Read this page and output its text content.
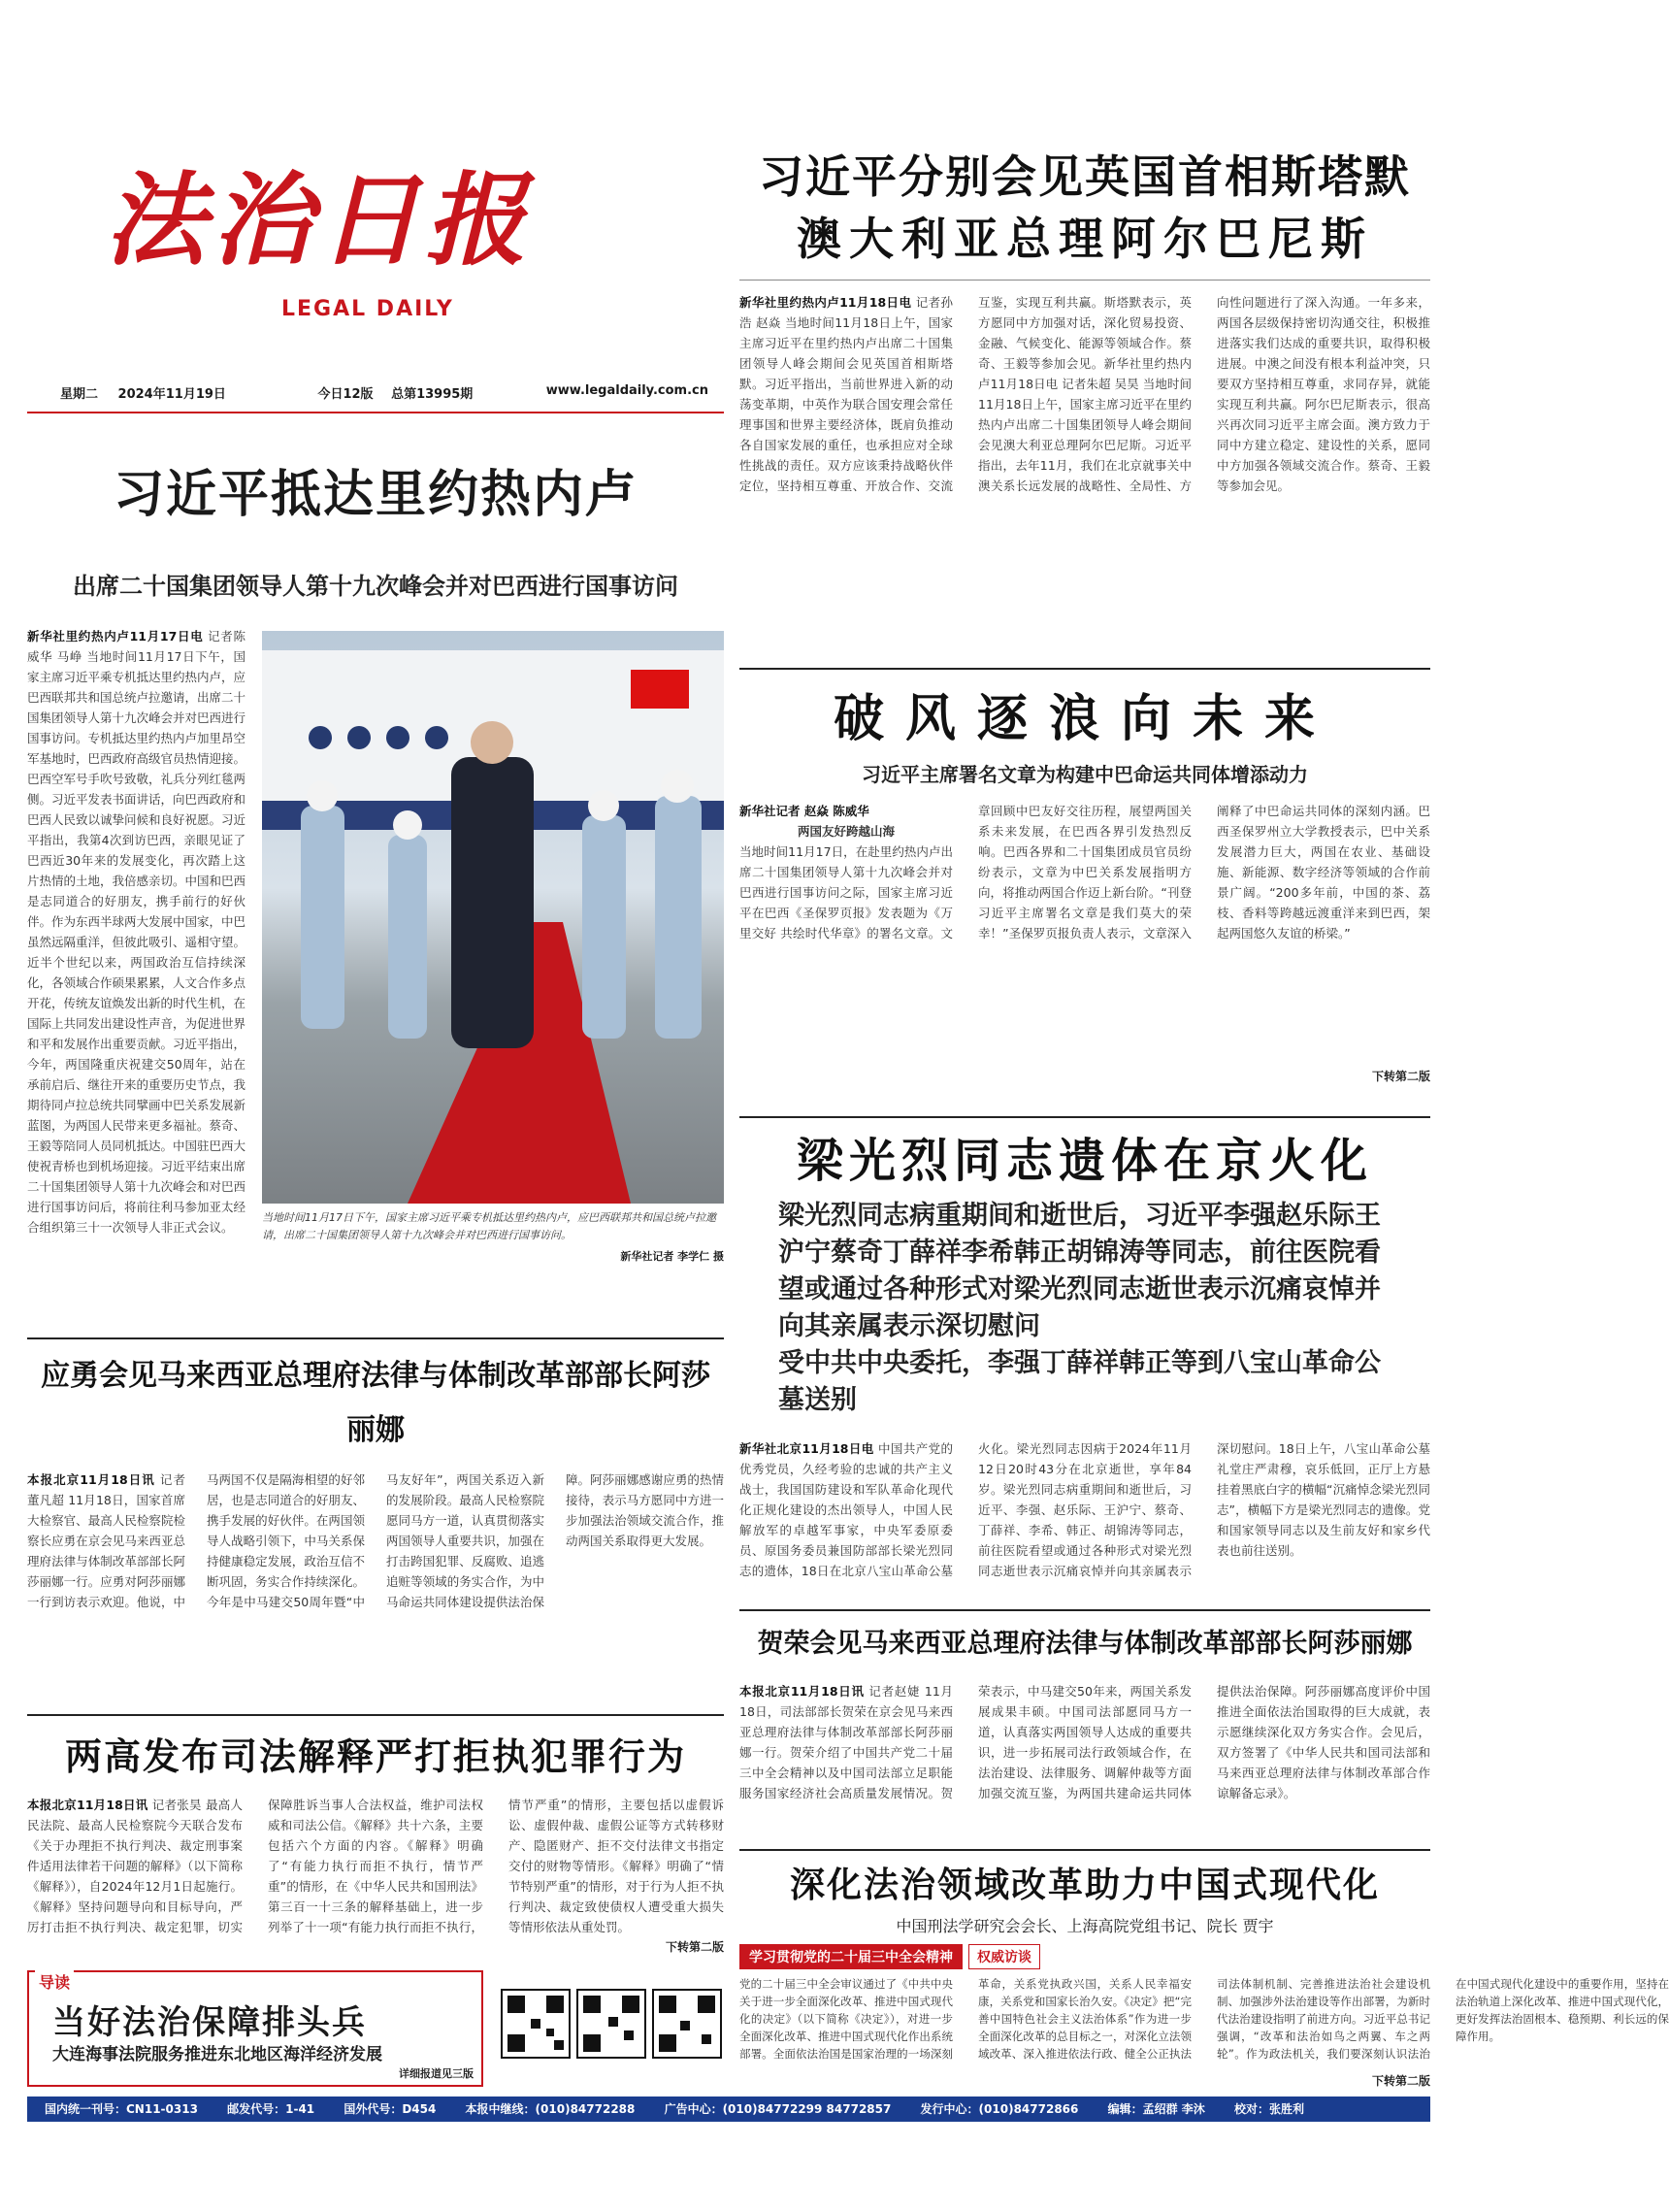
法治日报
LEGAL DAILY
星期二 2024年11月19日	今日12版 总第13995期	www.legaldaily.com.cn
习近平分别会见英国首相斯塔默
澳大利亚总理阿尔巴尼斯
新华社里约热内卢11月18日电 记者孙浩 赵焱 当地时间11月18日上午，国家主席习近平在里约热内卢出席二十国集团领导人峰会期间会见英国首相斯塔默。习近平指出，当前世界进入新的动荡变革期，中英作为联合国安理会常任理事国和世界主要经济体，既肩负推动各自国家发展的重任，也承担应对全球性挑战的责任。双方应该秉持战略伙伴定位，坚持相互尊重、开放合作、交流互鉴，实现互利共赢。斯塔默表示，英方愿同中方加强对话，深化贸易投资、金融、气候变化、能源等领域合作。蔡奇、王毅等参加会见。新华社里约热内卢11月18日电 记者朱超 吴昊 当地时间11月18日上午，国家主席习近平在里约热内卢出席二十国集团领导人峰会期间会见澳大利亚总理阿尔巴尼斯。习近平指出，去年11月，我们在北京就事关中澳关系长远发展的战略性、全局性、方向性问题进行了深入沟通。一年多来，两国各层级保持密切沟通交往，积极推进落实我们达成的重要共识，取得积极进展。中澳之间没有根本利益冲突，只要双方坚持相互尊重，求同存异，就能实现互利共赢。阿尔巴尼斯表示，很高兴再次同习近平主席会面。澳方致力于同中方建立稳定、建设性的关系，愿同中方加强各领域交流合作。蔡奇、王毅等参加会见。
习近平抵达里约热内卢
出席二十国集团领导人第十九次峰会并对巴西进行国事访问
新华社里约热内卢11月17日电 记者陈威华 马峥 当地时间11月17日下午，国家主席习近平乘专机抵达里约热内卢，应巴西联邦共和国总统卢拉邀请，出席二十国集团领导人第十九次峰会并对巴西进行国事访问。专机抵达里约热内卢加里昂空军基地时，巴西政府高级官员热情迎接。巴西空军号手吹号致敬，礼兵分列红毯两侧。习近平发表书面讲话，向巴西政府和巴西人民致以诚挚问候和良好祝愿。习近平指出，我第4次到访巴西，亲眼见证了巴西近30年来的发展变化，再次踏上这片热情的土地，我倍感亲切。中国和巴西是志同道合的好朋友，携手前行的好伙伴。作为东西半球两大发展中国家，中巴虽然远隔重洋，但彼此吸引、遥相守望。近半个世纪以来，两国政治互信持续深化，各领域合作硕果累累，人文合作多点开花，传统友谊焕发出新的时代生机，在国际上共同发出建设性声音，为促进世界和平和发展作出重要贡献。习近平指出，今年，两国隆重庆祝建交50周年，站在承前启后、继往开来的重要历史节点，我期待同卢拉总统共同擘画中巴关系发展新蓝图，为两国人民带来更多福祉。蔡奇、王毅等陪同人员同机抵达。中国驻巴西大使祝青桥也到机场迎接。习近平结束出席二十国集团领导人第十九次峰会和对巴西进行国事访问后，将前往利马参加亚太经合组织第三十一次领导人非正式会议。
当地时间11月17日下午，国家主席习近平乘专机抵达里约热内卢，应巴西联邦共和国总统卢拉邀请，出席二十国集团领导人第十九次峰会并对巴西进行国事访问。
新华社记者 李学仁 摄
破风逐浪向未来
习近平主席署名文章为构建中巴命运共同体增添动力
新华社记者 赵焱 陈威华
两国友好跨越山海
当地时间11月17日，在赴里约热内卢出席二十国集团领导人第十九次峰会并对巴西进行国事访问之际，国家主席习近平在巴西《圣保罗页报》发表题为《万里交好 共绘时代华章》的署名文章。文章回顾中巴友好交往历程，展望两国关系未来发展，在巴西各界引发热烈反响。巴西各界和二十国集团成员官员纷纷表示，文章为中巴关系发展指明方向，将推动两国合作迈上新台阶。“刊登习近平主席署名文章是我们莫大的荣幸！”圣保罗页报负责人表示，文章深入阐释了中巴命运共同体的深刻内涵。巴西圣保罗州立大学教授表示，巴中关系发展潜力巨大，两国在农业、基础设施、新能源、数字经济等领域的合作前景广阔。“200多年前，中国的茶、荔枝、香料等跨越远渡重洋来到巴西，架起两国悠久友谊的桥梁。”
下转第二版
梁光烈同志遗体在京火化
梁光烈同志病重期间和逝世后，习近平李强赵乐际王沪宁蔡奇丁薛祥李希韩正胡锦涛等同志，前往医院看望或通过各种形式对梁光烈同志逝世表示沉痛哀悼并向其亲属表示深切慰问
受中共中央委托，李强丁薛祥韩正等到八宝山革命公墓送别
新华社北京11月18日电 中国共产党的优秀党员，久经考验的忠诚的共产主义战士，我国国防建设和军队革命化现代化正规化建设的杰出领导人，中国人民解放军的卓越军事家，中央军委原委员、原国务委员兼国防部部长梁光烈同志的遗体，18日在北京八宝山革命公墓火化。梁光烈同志因病于2024年11月12日20时43分在北京逝世，享年84岁。梁光烈同志病重期间和逝世后，习近平、李强、赵乐际、王沪宁、蔡奇、丁薛祥、李希、韩正、胡锦涛等同志，前往医院看望或通过各种形式对梁光烈同志逝世表示沉痛哀悼并向其亲属表示深切慰问。18日上午，八宝山革命公墓礼堂庄严肃穆，哀乐低回，正厅上方悬挂着黑底白字的横幅“沉痛悼念梁光烈同志”，横幅下方是梁光烈同志的遗像。党和国家领导同志以及生前友好和家乡代表也前往送别。
应勇会见马来西亚总理府法律与体制改革部部长阿莎丽娜
本报北京11月18日讯 记者董凡超 11月18日，国家首席大检察官、最高人民检察院检察长应勇在京会见马来西亚总理府法律与体制改革部部长阿莎丽娜一行。应勇对阿莎丽娜一行到访表示欢迎。他说，中马两国不仅是隔海相望的好邻居，也是志同道合的好朋友、携手发展的好伙伴。在两国领导人战略引领下，中马关系保持健康稳定发展，政治互信不断巩固，务实合作持续深化。今年是中马建交50周年暨“中马友好年”，两国关系迈入新的发展阶段。最高人民检察院愿同马方一道，认真贯彻落实两国领导人重要共识，加强在打击跨国犯罪、反腐败、追逃追赃等领域的务实合作，为中马命运共同体建设提供法治保障。阿莎丽娜感谢应勇的热情接待，表示马方愿同中方进一步加强法治领域交流合作，推动两国关系取得更大发展。
贺荣会见马来西亚总理府法律与体制改革部部长阿莎丽娜
本报北京11月18日讯 记者赵婕 11月18日，司法部部长贺荣在京会见马来西亚总理府法律与体制改革部部长阿莎丽娜一行。贺荣介绍了中国共产党二十届三中全会精神以及中国司法部立足职能服务国家经济社会高质量发展情况。贺荣表示，中马建交50年来，两国关系发展成果丰硕。中国司法部愿同马方一道，认真落实两国领导人达成的重要共识，进一步拓展司法行政领域合作，在法治建设、法律服务、调解仲裁等方面加强交流互鉴，为两国共建命运共同体提供法治保障。阿莎丽娜高度评价中国推进全面依法治国取得的巨大成就，表示愿继续深化双方务实合作。会见后，双方签署了《中华人民共和国司法部和马来西亚总理府法律与体制改革部合作谅解备忘录》。
两高发布司法解释严打拒执犯罪行为
本报北京11月18日讯 记者张昊 最高人民法院、最高人民检察院今天联合发布《关于办理拒不执行判决、裁定刑事案件适用法律若干问题的解释》（以下简称《解释》），自2024年12月1日起施行。《解释》坚持问题导向和目标导向，严厉打击拒不执行判决、裁定犯罪，切实保障胜诉当事人合法权益，维护司法权威和司法公信。《解释》共十六条，主要包括六个方面的内容。《解释》明确了“有能力执行而拒不执行，情节严重”的情形，在《中华人民共和国刑法》第三百一十三条的解释基础上，进一步列举了十一项“有能力执行而拒不执行，情节严重”的情形，主要包括以虚假诉讼、虚假仲裁、虚假公证等方式转移财产、隐匿财产、拒不交付法律文书指定交付的财物等情形。《解释》明确了“情节特别严重”的情形，对于行为人拒不执行判决、裁定致使债权人遭受重大损失等情形依法从重处罚。
下转第二版
导读
当好法治保障排头兵
大连海事法院服务推进东北地区海洋经济发展
详细报道见三版
深化法治领域改革助力中国式现代化
中国刑法学研究会会长、上海高院党组书记、院长 贾宇
学习贯彻党的二十届三中全会精神	权威访谈
党的二十届三中全会审议通过了《中共中央关于进一步全面深化改革、推进中国式现代化的决定》（以下简称《决定》），对进一步全面深化改革、推进中国式现代化作出系统部署。全面依法治国是国家治理的一场深刻革命，关系党执政兴国，关系人民幸福安康，关系党和国家长治久安。《决定》把“完善中国特色社会主义法治体系”作为进一步全面深化改革的总目标之一，对深化立法领域改革、深入推进依法行政、健全公正执法司法体制机制、完善推进法治社会建设机制、加强涉外法治建设等作出部署，为新时代法治建设指明了前进方向。习近平总书记强调，“改革和法治如鸟之两翼、车之两轮”。作为政法机关，我们要深刻认识法治在中国式现代化建设中的重要作用，坚持在法治轨道上深化改革、推进中国式现代化，更好发挥法治固根本、稳预期、利长远的保障作用。
下转第二版
国内统一刊号：CN11-0313	邮发代号：1-41	国外代号：D454	本报中继线：(010)84772288	广告中心：(010)84772299 84772857	发行中心：(010)84772866	编辑：孟绍群 李沐	校对：张胜利
